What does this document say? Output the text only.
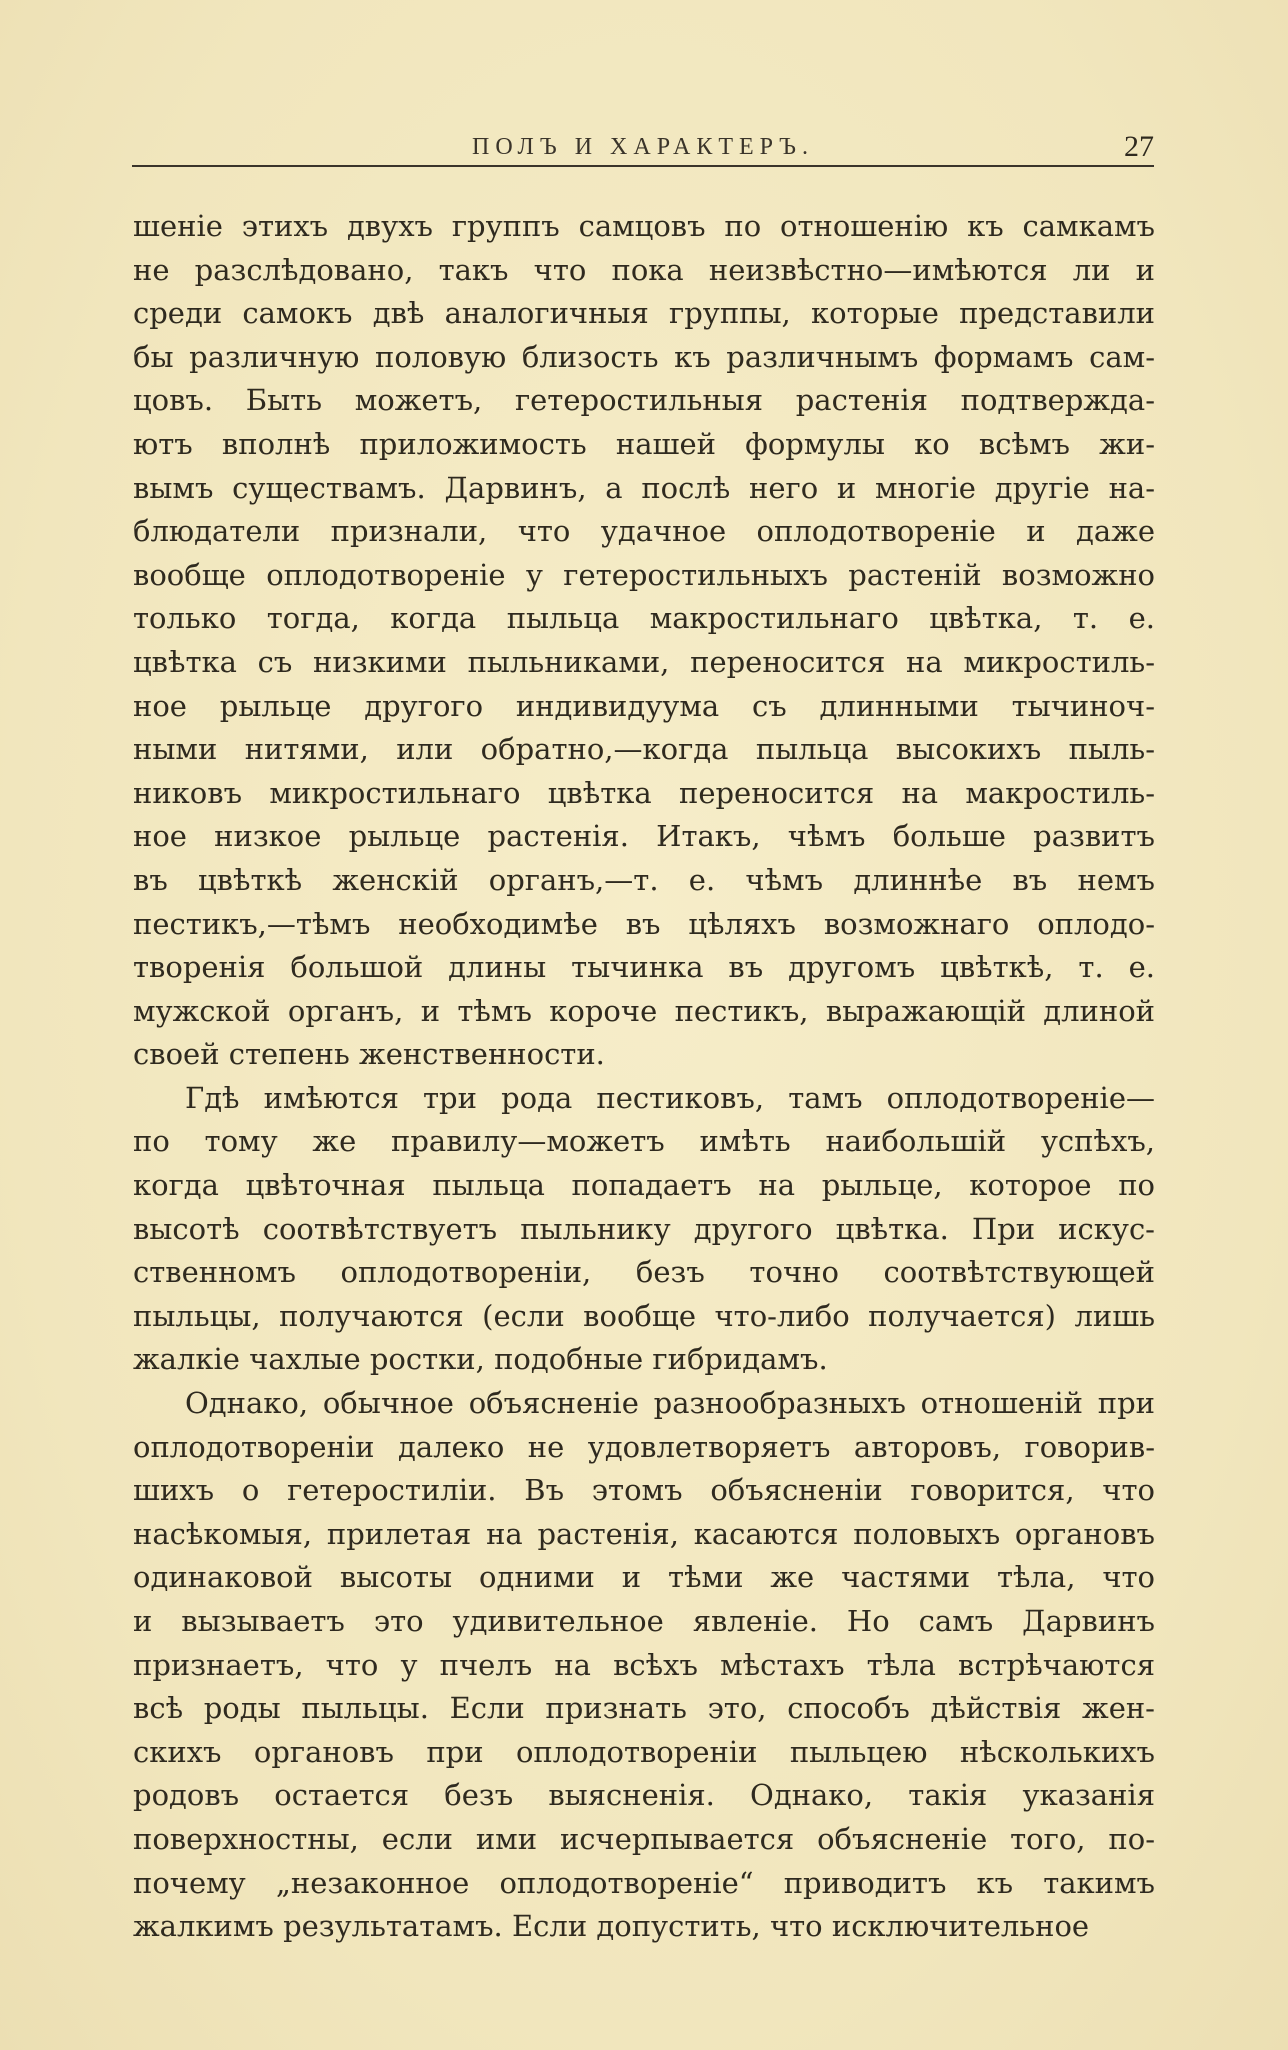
ПОЛЪ И ХАРАКТЕРЪ.	27
шеніе этихъ двухъ группъ самцовъ по отношенію къ самкамъ
не разслѣдовано, такъ что пока неизвѣстно—имѣются ли и
среди самокъ двѣ аналогичныя группы, которые представили
бы различную половую близость къ различнымъ формамъ сам-
цовъ. Быть можетъ, гетеростильныя растенія подтвержда-
ютъ вполнѣ приложимость нашей формулы ко всѣмъ жи-
вымъ существамъ. Дарвинъ, а послѣ него и многіе другіе на-
блюдатели признали, что удачное оплодотвореніе и даже
вообще оплодотвореніе у гетеростильныхъ растеній возможно
только тогда, когда пыльца макростильнаго цвѣтка, т. е.
цвѣтка съ низкими пыльниками, переносится на микростиль-
ное рыльце другого индивидуума съ длинными тычиноч-
ными нитями, или обратно,—когда пыльца высокихъ пыль-
никовъ микростильнаго цвѣтка переносится на макростиль-
ное низкое рыльце растенія. Итакъ, чѣмъ больше развитъ
въ цвѣткѣ женскій органъ,—т. е. чѣмъ длиннѣе въ немъ
пестикъ,—тѣмъ необходимѣе въ цѣляхъ возможнаго оплодо-
творенія большой длины тычинка въ другомъ цвѣткѣ, т. е.
мужской органъ, и тѣмъ короче пестикъ, выражающій длиной
своей степень женственности.
Гдѣ имѣются три рода пестиковъ, тамъ оплодотвореніе—
по тому же правилу—можетъ имѣть наибольшій успѣхъ,
когда цвѣточная пыльца попадаетъ на рыльце, которое по
высотѣ соотвѣтствуетъ пыльнику другого цвѣтка. При искус-
ственномъ оплодотвореніи, безъ точно соотвѣтствующей
пыльцы, получаются (если вообще что-либо получается) лишь
жалкіе чахлые ростки, подобные гибридамъ.
Однако, обычное объясненіе разнообразныхъ отношеній при
оплодотвореніи далеко не удовлетворяетъ авторовъ, говорив-
шихъ о гетеростиліи. Въ этомъ объясненіи говорится, что
насѣкомыя, прилетая на растенія, касаются половыхъ органовъ
одинаковой высоты одними и тѣми же частями тѣла, что
и вызываетъ это удивительное явленіе. Но самъ Дарвинъ
признаетъ, что у пчелъ на всѣхъ мѣстахъ тѣла встрѣчаются
всѣ роды пыльцы. Если признать это, способъ дѣйствія жен-
скихъ органовъ при оплодотвореніи пыльцею нѣсколькихъ
родовъ остается безъ выясненія. Однако, такія указанія
поверхностны, если ими исчерпывается объясненіе того, по-
почему „незаконное оплодотвореніе“ приводитъ къ такимъ
жалкимъ результатамъ. Если допустить, что исключительное
